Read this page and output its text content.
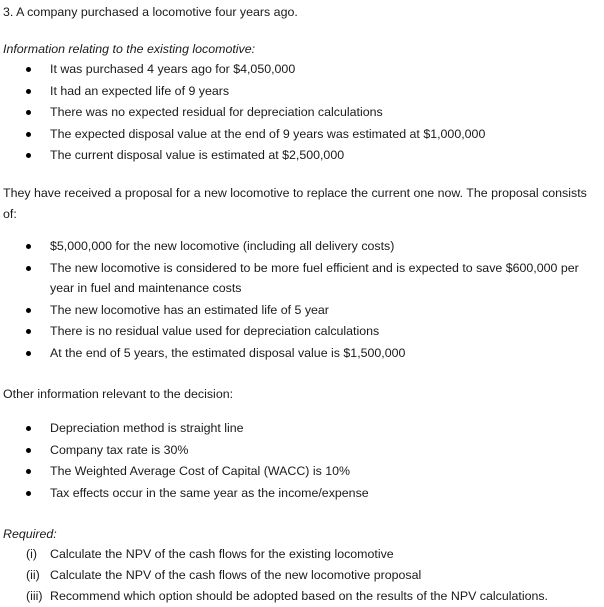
3. A company purchased a locomotive four years ago.
Information relating to the existing locomotive:
It was purchased 4 years ago for $4,050,000
It had an expected life of 9 years
There was no expected residual for depreciation calculations
The expected disposal value at the end of 9 years was estimated at $1,000,000
The current disposal value is estimated at $2,500,000
They have received a proposal for a new locomotive to replace the current one now. The proposal consists of:
$5,000,000 for the new locomotive (including all delivery costs)
The new locomotive is considered to be more fuel efficient and is expected to save $600,000 per year in fuel and maintenance costs
The new locomotive has an estimated life of 5 year
There is no residual value used for depreciation calculations
At the end of 5 years, the estimated disposal value is $1,500,000
Other information relevant to the decision:
Depreciation method is straight line
Company tax rate is 30%
The Weighted Average Cost of Capital (WACC) is 10%
Tax effects occur in the same year as the income/expense
Required:
(i) Calculate the NPV of the cash flows for the existing locomotive
(ii) Calculate the NPV of the cash flows of the new locomotive proposal
(iii) Recommend which option should be adopted based on the results of the NPV calculations.
